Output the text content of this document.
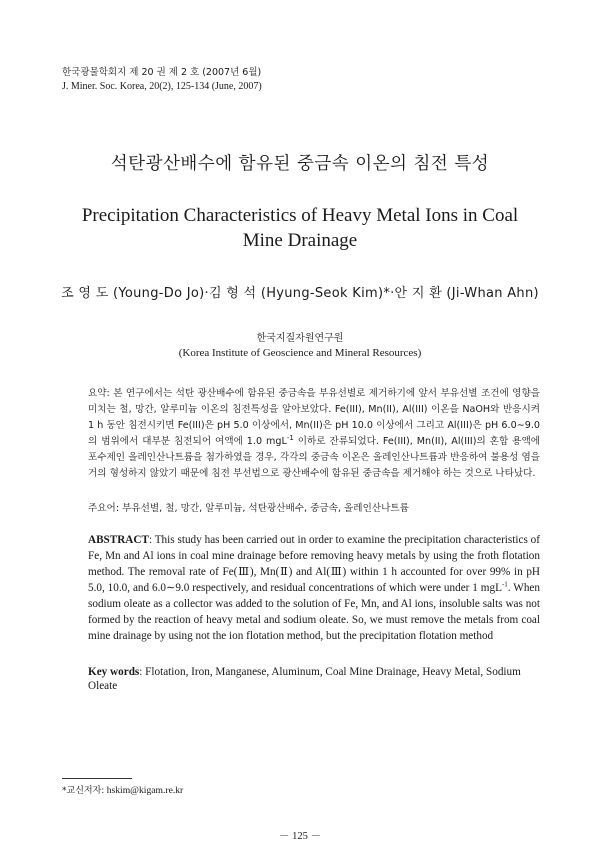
한국광물학회지 제 20 권 제 2 호 (2007년 6월)
J. Miner. Soc. Korea, 20(2), 125-134 (June, 2007)
석탄광산배수에 함유된 중금속 이온의 침전 특성
Precipitation Characteristics of Heavy Metal Ions in Coal Mine Drainage
조 영 도 (Young-Do Jo)·김 형 석 (Hyung-Seok Kim)*·안 지 환 (Ji-Whan Ahn)
한국지질자원연구원
(Korea Institute of Geoscience and Mineral Resources)
요약: 본 연구에서는 석탄 광산배수에 함유된 중금속을 부유선별로 제거하기에 앞서 부유선별 조건에 영향을 미치는 철, 망간, 알루미늄 이온의 침전특성을 알아보았다. Fe(III), Mn(II), Al(III) 이온을 NaOH와 반응시켜 1 h 동안 침전시키면 Fe(III)은 pH 5.0 이상에서, Mn(II)은 pH 10.0 이상에서 그리고 Al(III)은 pH 6.0∼9.0의 범위에서 대부분 침전되어 여액에 1.0 mgL$^{-1}$ 이하로 잔류되었다. Fe(III), Mn(II), Al(III)의 혼합 용액에 포수제인 올레인산나트륨을 첨가하였을 경우, 각각의 중금속 이온은 올레인산나트륨과 반응하여 불용성 염을 거의 형성하지 않았기 때문에 침전 부선법으로 광산배수에 함유된 중금속을 제거해야 하는 것으로 나타났다.
주요어: 부유선별, 철, 망간, 알루미늄, 석탄광산배수, 중금속, 올레인산나트륨
ABSTRACT: This study has been carried out in order to examine the precipitation characteristics of Fe, Mn and Al ions in coal mine drainage before removing heavy metals by using the froth flotation method. The removal rate of Fe(Ⅲ), Mn(Ⅱ) and Al(Ⅲ) within 1 h accounted for over 99% in pH 5.0, 10.0, and 6.0∼9.0 respectively, and residual concentrations of which were under 1 mgL$^{-1}$. When sodium oleate as a collector was added to the solution of Fe, Mn, and Al ions, insoluble salts was not formed by the reaction of heavy metal and sodium oleate. So, we must remove the metals from coal mine drainage by using not the ion flotation method, but the precipitation flotation method
Key words: Flotation, Iron, Manganese, Aluminum, Coal Mine Drainage, Heavy Metal, Sodium Oleate
*교신저자: hskim@kigam.re.kr
－ 125 －
